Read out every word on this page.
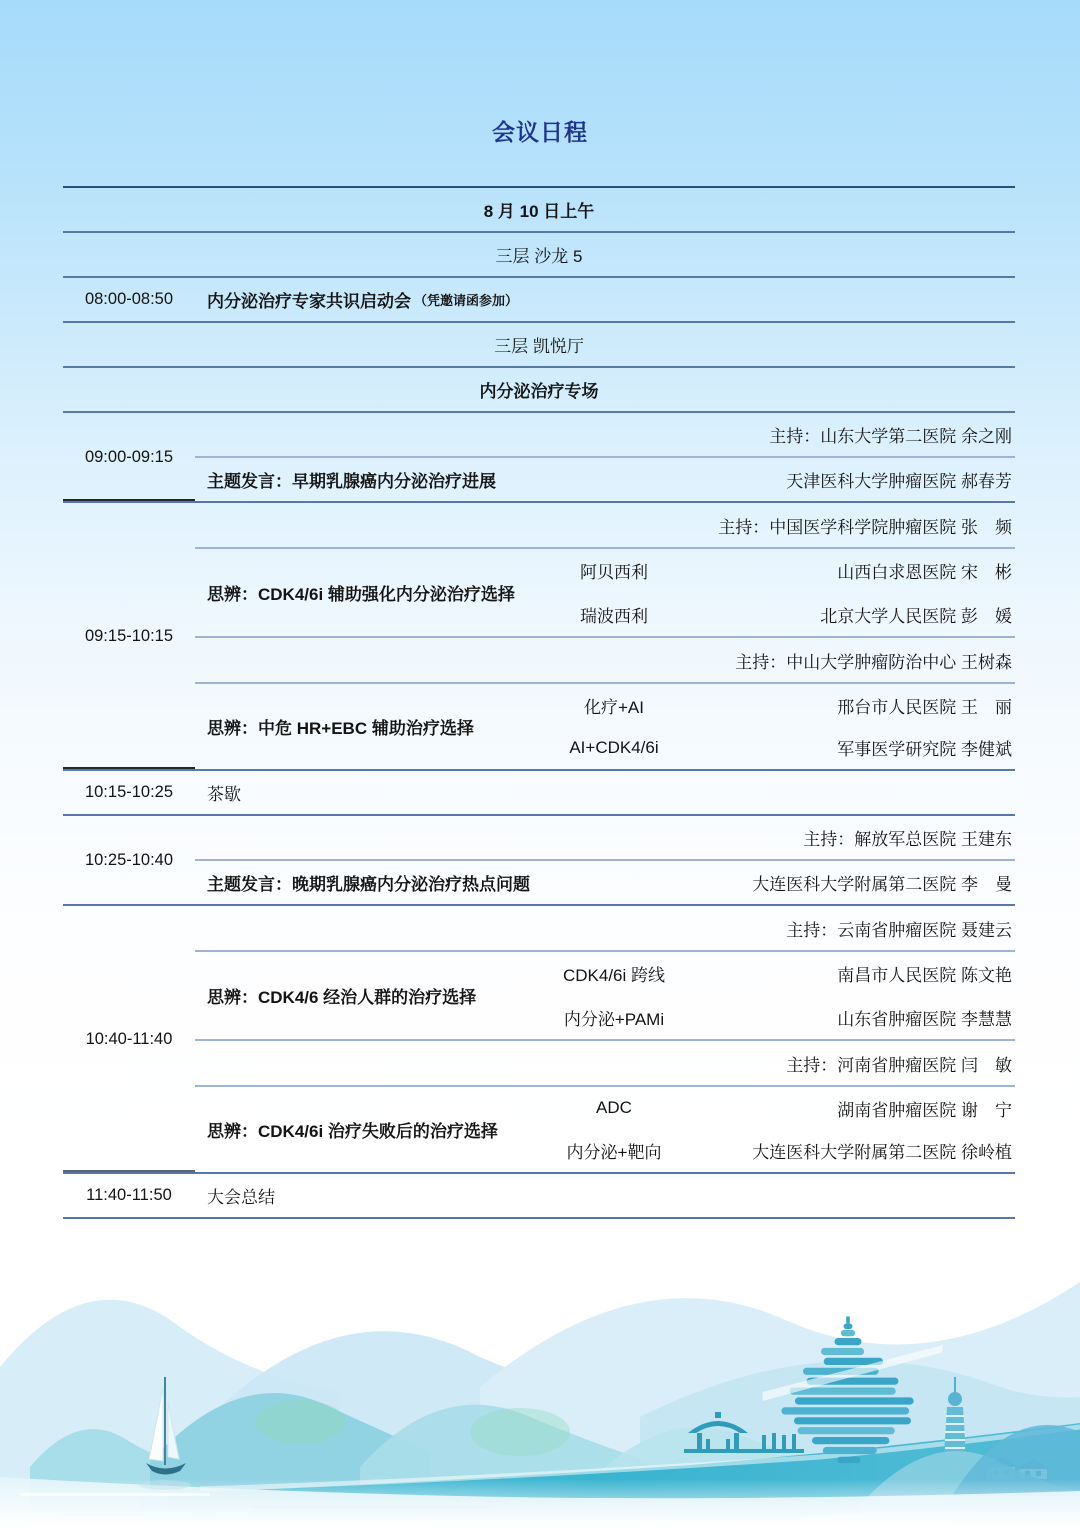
会议日程
8 月 10 日上午
三层 沙龙 5
08:00-08:50	内分泌治疗专家共识启动会 （凭邀请函参加）
三层 凯悦厅
内分泌治疗专场
09:00-09:15
主持：山东大学第二医院 余之刚
主题发言：早期乳腺癌内分泌治疗进展	天津医科大学肿瘤医院 郝春芳
09:15-10:15
主持：中国医学科学院肿瘤医院 张　频
思辨：CDK4/6i 辅助强化内分泌治疗选择
阿贝西利	山西白求恩医院 宋　彬
瑞波西利	北京大学人民医院 彭　媛
主持：中山大学肿瘤防治中心 王树森
思辨：中危 HR+EBC 辅助治疗选择
化疗+AI	邢台市人民医院 王　丽
AI+CDK4/6i	军事医学研究院 李健斌
10:15-10:25	茶歇
10:25-10:40
主持：解放军总医院 王建东
主题发言：晚期乳腺癌内分泌治疗热点问题	大连医科大学附属第二医院 李　曼
10:40-11:40
主持：云南省肿瘤医院 聂建云
思辨：CDK4/6 经治人群的治疗选择
CDK4/6i 跨线	南昌市人民医院 陈文艳
内分泌+PAMi	山东省肿瘤医院 李慧慧
主持：河南省肿瘤医院 闫　敏
思辨：CDK4/6i 治疗失败后的治疗选择
ADC	湖南省肿瘤医院 谢　宁
内分泌+靶向	大连医科大学附属第二医院 徐岭植
11:40-11:50	大会总结
